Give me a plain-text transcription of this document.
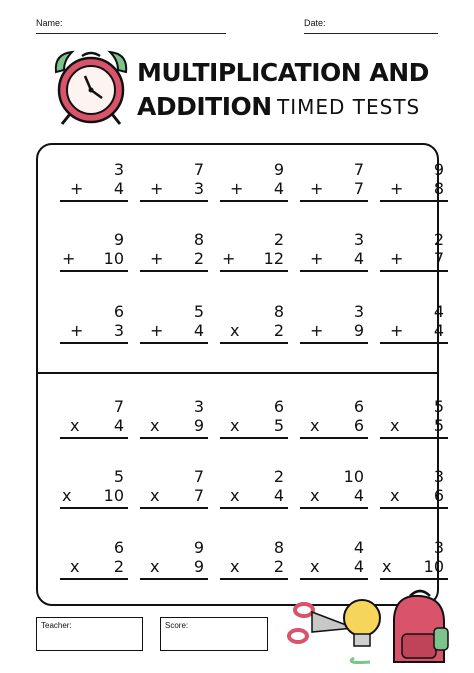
Name:	Date:
MULTIPLICATION AND
ADDITION TIMED TESTS
3
+ 4
7
+ 3
9
+ 4
7
+ 7
9
+ 8
9
+ 10
8
+ 2
2
+ 12
3
+ 4
2
+ 7
6
+ 3
5
+ 4
8
x 2
3
+ 9
4
+ 4
7
x 4
3
x 9
6
x 5
6
x 6
5
x 5
5
x 10
7
x 7
2
x 4
10
x 4
3
x 6
6
x 2
9
x 9
8
x 2
4
x 4
3
x 10
Teacher:	Score:
